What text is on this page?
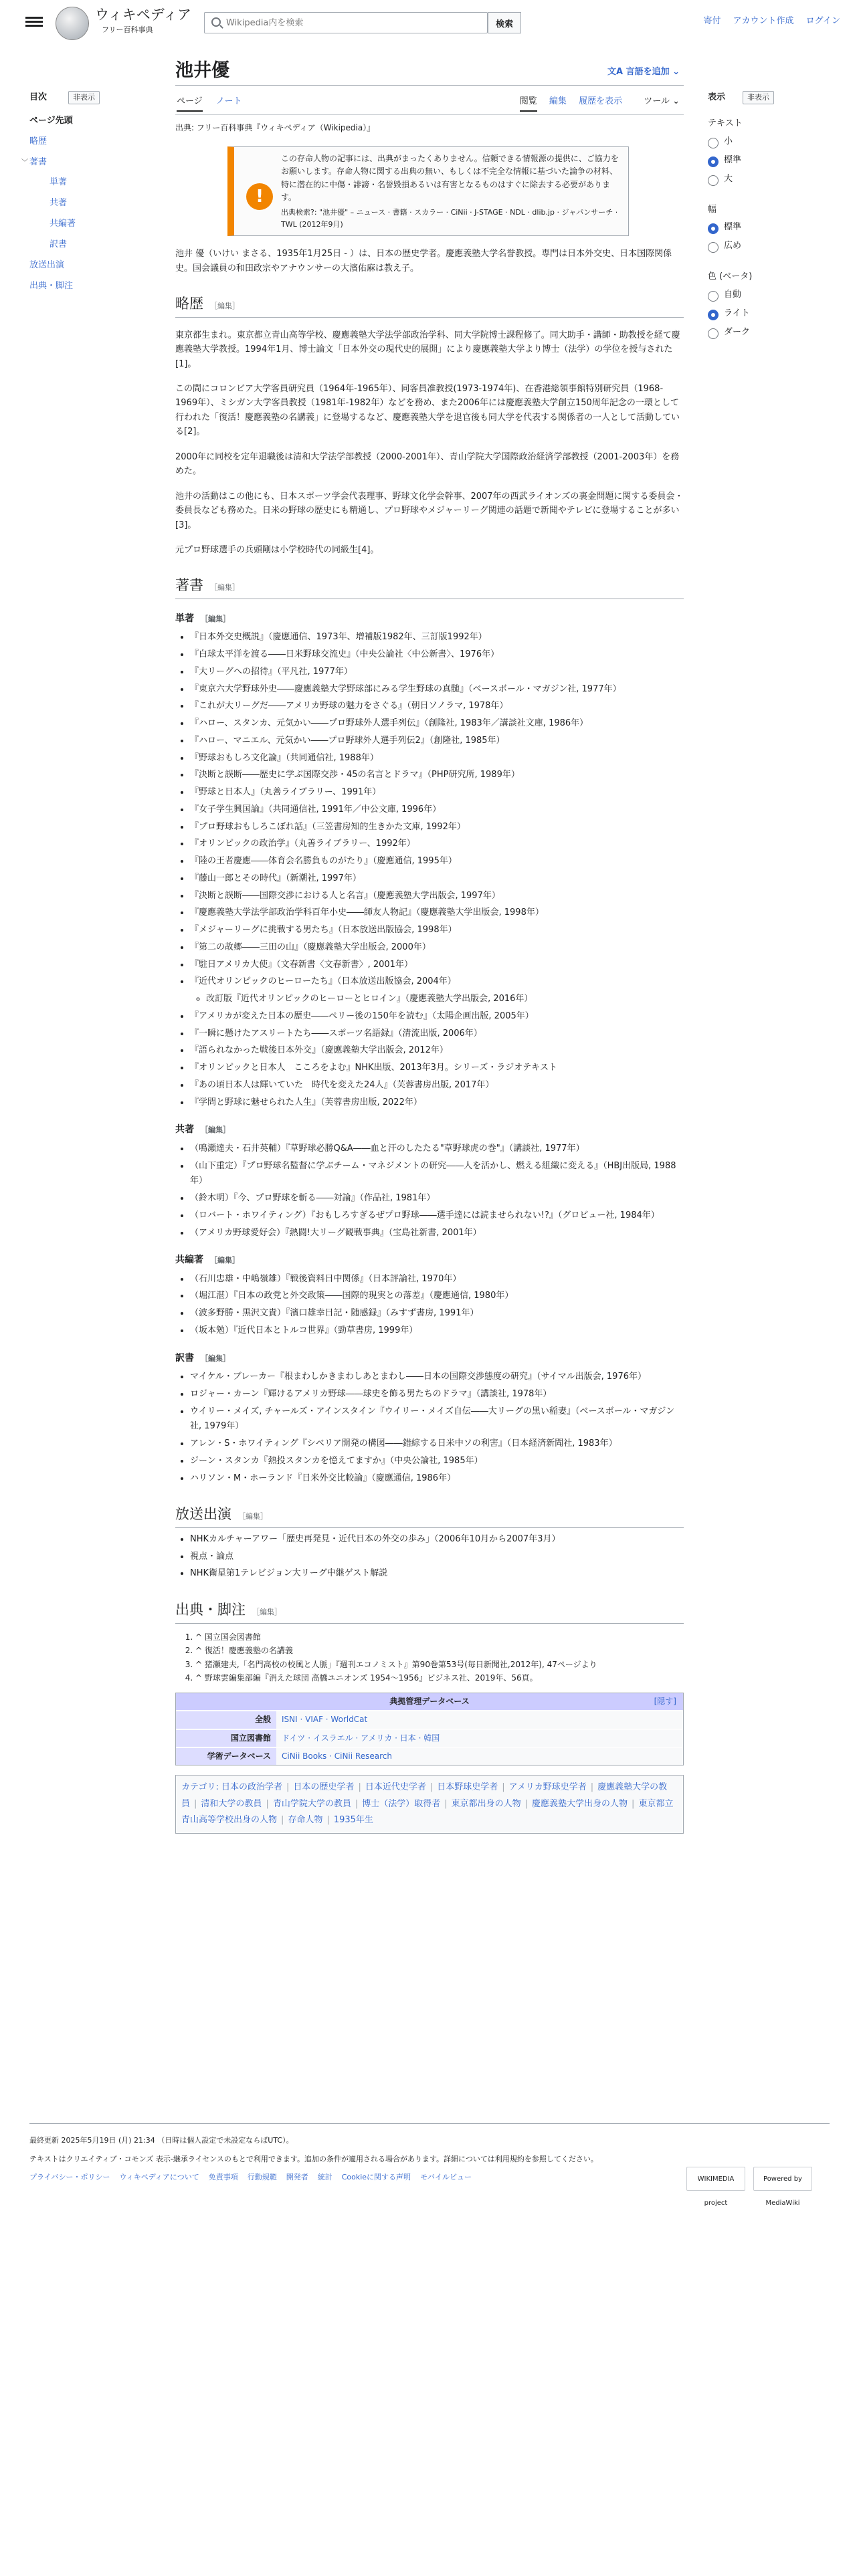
ウィキペディア
フリー百科事典
Wikipedia内を検索
検索	寄付 アカウント作成 ログイン
目次	非表示
ページ先頭
略歴
﹀ 著書
単著
共著
共編著
訳書
放送出演
出典・脚注
表示	非表示
テキスト
小
標準
大
幅
標準
広め
色 (ベータ)
自動
ライト
ダーク
池井優	文A 言語を追加 ⌄
ページ ノート	閲覧 編集 履歴を表示 ツール ⌄
出典: フリー百科事典『ウィキペディア（Wikipedia）』
!
この存命人物の記事には、出典がまったくありません。信頼できる情報源の提供に、ご協力をお願いします。存命人物に関する出典の無い、もしくは不完全な情報に基づいた論争の材料、特に潜在的に中傷・誹謗・名誉毀損あるいは有害となるものはすぐに除去する必要があります。
出典検索?: "池井優" – ニュース · 書籍 · スカラー · CiNii · J-STAGE · NDL · dlib.jp · ジャパンサーチ · TWL (2012年9月)

池井 優（いけい まさる、1935年1月25日 - ）は、日本の歴史学者。慶應義塾大学名誉教授。専門は日本外交史、日本国際関係史。国会議員の和田政宗やアナウンサーの大濱佑麻は教え子。

略歴 ［編集］

東京都生まれ。東京都立青山高等学校、慶應義塾大学法学部政治学科、同大学院博士課程修了。同大助手・講師・助教授を経て慶應義塾大学教授。1994年1月、博士論文「日本外交の現代史的展開」により慶應義塾大学より博士（法学）の学位を授与された[1]。

この間にコロンビア大学客員研究員（1964年-1965年）、同客員准教授(1973-1974年)、在香港総領事館特別研究員（1968-1969年）、ミシガン大学客員教授（1981年-1982年）などを務め、また2006年には慶應義塾大学創立150周年記念の一環として行われた「復活！慶應義塾の名講義」に登場するなど、慶應義塾大学を退官後も同大学を代表する関係者の一人として活動している[2]。

2000年に同校を定年退職後は清和大学法学部教授（2000-2001年）、青山学院大学国際政治経済学部教授（2001-2003年）を務めた。

池井の活動はこの他にも、日本スポーツ学会代表理事、野球文化学会幹事、2007年の西武ライオンズの裏金問題に関する委員会・委員長なども務めた。日米の野球の歴史にも精通し、プロ野球やメジャーリーグ関連の話題で新聞やテレビに登場することが多い[3]。

元プロ野球選手の兵頭剛は小学校時代の同級生[4]。

著書 ［編集］
単著 ［編集］
• 『日本外交史概説』（慶應通信、1973年、増補版1982年、三訂版1992年）
• 『白球太平洋を渡る――日米野球交流史』（中央公論社〈中公新書〉、1976年）
• 『大リーグへの招待』（平凡社, 1977年）
• 『東京六大学野球外史――慶應義塾大学野球部にみる学生野球の真髄』（ベースボール・マガジン社, 1977年）
• 『これが大リーグだ――アメリカ野球の魅力をさぐる』（朝日ソノラマ, 1978年）
• 『ハロー、スタンカ、元気かい――プロ野球外人選手列伝』（創隆社, 1983年／講談社文庫, 1986年）
• 『ハロー、マニエル、元気かい――プロ野球外人選手列伝2』（創隆社, 1985年）
• 『野球おもしろ文化論』（共同通信社, 1988年）
• 『決断と誤断――歴史に学ぶ国際交渉・45の名言とドラマ』（PHP研究所, 1989年）
• 『野球と日本人』（丸善ライブラリー、1991年）
• 『女子学生興国論』（共同通信社, 1991年／中公文庫, 1996年）
• 『プロ野球おもしろこぼれ話』（三笠書房知的生きかた文庫, 1992年）
• 『オリンピックの政治学』（丸善ライブラリー、1992年）
• 『陸の王者慶應――体育会名勝負ものがたり』（慶應通信, 1995年）
• 『藤山一郎とその時代』（新潮社, 1997年）
• 『決断と誤断――国際交渉における人と名言』（慶應義塾大学出版会, 1997年）
• 『慶應義塾大学法学部政治学科百年小史――師友人物記』（慶應義塾大学出版会, 1998年）
• 『メジャーリーグに挑戦する男たち』（日本放送出版協会, 1998年）
• 『第二の故郷――三田の山』（慶應義塾大学出版会, 2000年）
• 『駐日アメリカ大使』（文春新書〈文春新書〉, 2001年）
• 『近代オリンピックのヒーローたち』（日本放送出版協会, 2004年）
◦ 改訂版『近代オリンピックのヒーローとヒロイン』（慶應義塾大学出版会, 2016年）
• 『アメリカが変えた日本の歴史――ペリー後の150年を読む』（太陽企画出版, 2005年）
• 『一瞬に懸けたアスリートたち――スポーツ名語録』（清流出版, 2006年）
• 『語られなかった戦後日本外交』（慶應義塾大学出版会, 2012年）
• 『オリンピックと日本人　こころをよむ』NHK出版、2013年3月。シリーズ・ラジオテキスト
• 『あの頃日本人は輝いていた　時代を変えた24人』（芙蓉書房出版, 2017年）
• 『学問と野球に魅せられた人生』（芙蓉書房出版, 2022年）
共著 ［編集］
• （鳴瀬達夫・石井英輔）『草野球必勝Q&A――血と汗のしたたる"草野球虎の巻"』（講談社, 1977年）
• （山下重定）『プロ野球名監督に学ぶチーム・マネジメントの研究――人を活かし、燃える組織に変える』（HBJ出版局, 1988年）
• （鈴木明）『今、プロ野球を斬る――対論』（作品社, 1981年）
• （ロバート・ホワイティング）『おもしろすぎるぜプロ野球――選手達には読ませられない!?』（グロビュー社, 1984年）
• （アメリカ野球愛好会）『熱闘!大リーグ観戦事典』（宝島社新書, 2001年）
共編著 ［編集］
• （石川忠雄・中嶋嶺雄）『戦後資料日中関係』（日本評論社, 1970年）
• （堀江湛）『日本の政党と外交政策――国際的現実との落差』（慶應通信, 1980年）
• （波多野勝・黒沢文貴）『濱口雄幸日記・随感録』（みすず書房, 1991年）
• （坂本勉）『近代日本とトルコ世界』（勁草書房, 1999年）
訳書 ［編集］
• マイケル・ブレーカー『根まわしかきまわしあとまわし――日本の国際交渉態度の研究』（サイマル出版会, 1976年）
• ロジャー・カーン『輝けるアメリカ野球――球史を飾る男たちのドラマ』（講談社, 1978年）
• ウイリー・メイズ, チャールズ・アインスタイン『ウイリー・メイズ自伝――大リーグの黒い稲妻』（ベースボール・マガジン社, 1979年）
• アレン・S・ホワイティング『シベリア開発の構図――錯綜する日米中ソの利害』（日本経済新聞社, 1983年）
• ジーン・スタンカ『熱投スタンカを憶えてますか』（中央公論社, 1985年）
• ハリソン・M・ホーランド『日米外交比較論』（慶應通信, 1986年）
放送出演 ［編集］
• NHKカルチャーアワー「歴史再発見・近代日本の外交の歩み」（2006年10月から2007年3月）
• 視点・論点
• NHK衛星第1テレビジョン大リーグ中継ゲスト解説
出典・脚注 ［編集］
1. ^ 国立国会図書館
2. ^ 復活！慶應義塾の名講義
3. ^ 猪瀬建夫,「名門高校の校風と人脈」『週刊エコノミスト』第90巻第53号(毎日新聞社,2012年), 47ページより
4. ^ 野球雲編集部編『消えた球団 高橋ユニオンズ 1954〜1956』ビジネス社、2019年、56頁。
典拠管理データベース	[隠す]
全般	ISNI · VIAF · WorldCat
国立図書館	ドイツ · イスラエル · アメリカ · 日本 · 韓国
学術データベース	CiNii Books · CiNii Research
カテゴリ: 日本の政治学者 | 日本の歴史学者 | 日本近代史学者 | 日本野球史学者 | アメリカ野球史学者 | 慶應義塾大学の教員 | 清和大学の教員 | 青山学院大学の教員 | 博士（法学）取得者 | 東京都出身の人物 | 慶應義塾大学出身の人物 | 東京都立青山高等学校出身の人物 | 存命人物 | 1935年生
最終更新 2025年5月19日 (月) 21:34 （日時は個人設定で未設定ならばUTC）。
テキストはクリエイティブ・コモンズ 表示-継承ライセンスのもとで利用できます。追加の条件が適用される場合があります。詳細については利用規約を参照してください。
プライバシー・ポリシー ウィキペディアについて 免責事項 行動規範 開発者 統計 Cookieに関する声明 モバイルビュー	WIKIMEDIA project
Powered by MediaWiki
